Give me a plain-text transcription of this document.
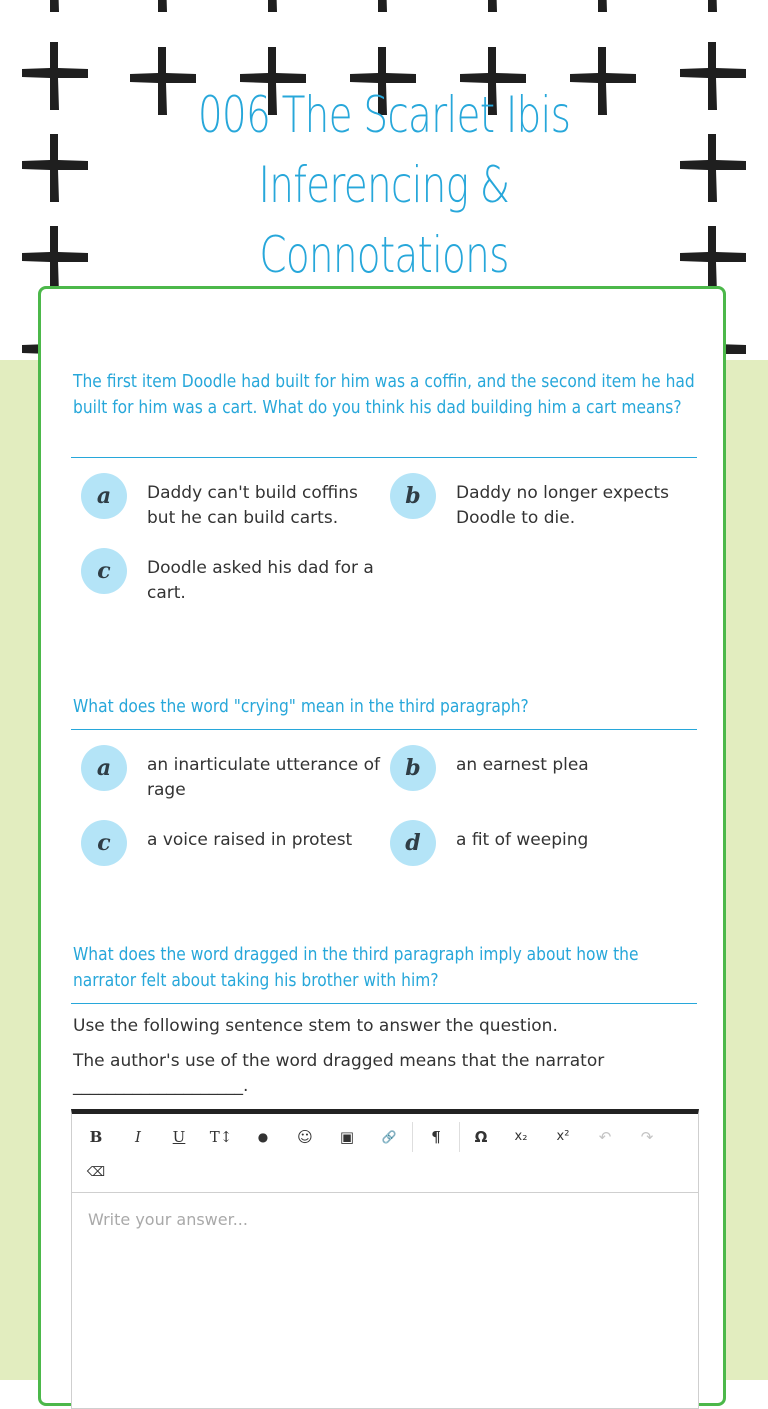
006 The Scarlet Ibis
Inferencing &
Connotations
The first item Doodle had built for him was a coffin, and the second item he had built for him was a cart. What do you think his dad building him a cart means?
a	Daddy can't build coffins but he can build carts.
b	Daddy no longer expects Doodle to die.
c	Doodle asked his dad for a cart.
What does the word "crying" mean in the third paragraph?
a	an inarticulate utterance of rage
b	an earnest plea
c	a voice raised in protest	d	a fit of weeping
What does the word dragged in the third paragraph imply about how the narrator felt about taking his brother with him?
Use the following sentence stem to answer the question.
The author's use of the word dragged means that the narrator ____________________.
B	I	U	T↕	●	☺	▣	🔗	¶	Ω	x₂	x²	↶	↷
⌫
Write your answer...
